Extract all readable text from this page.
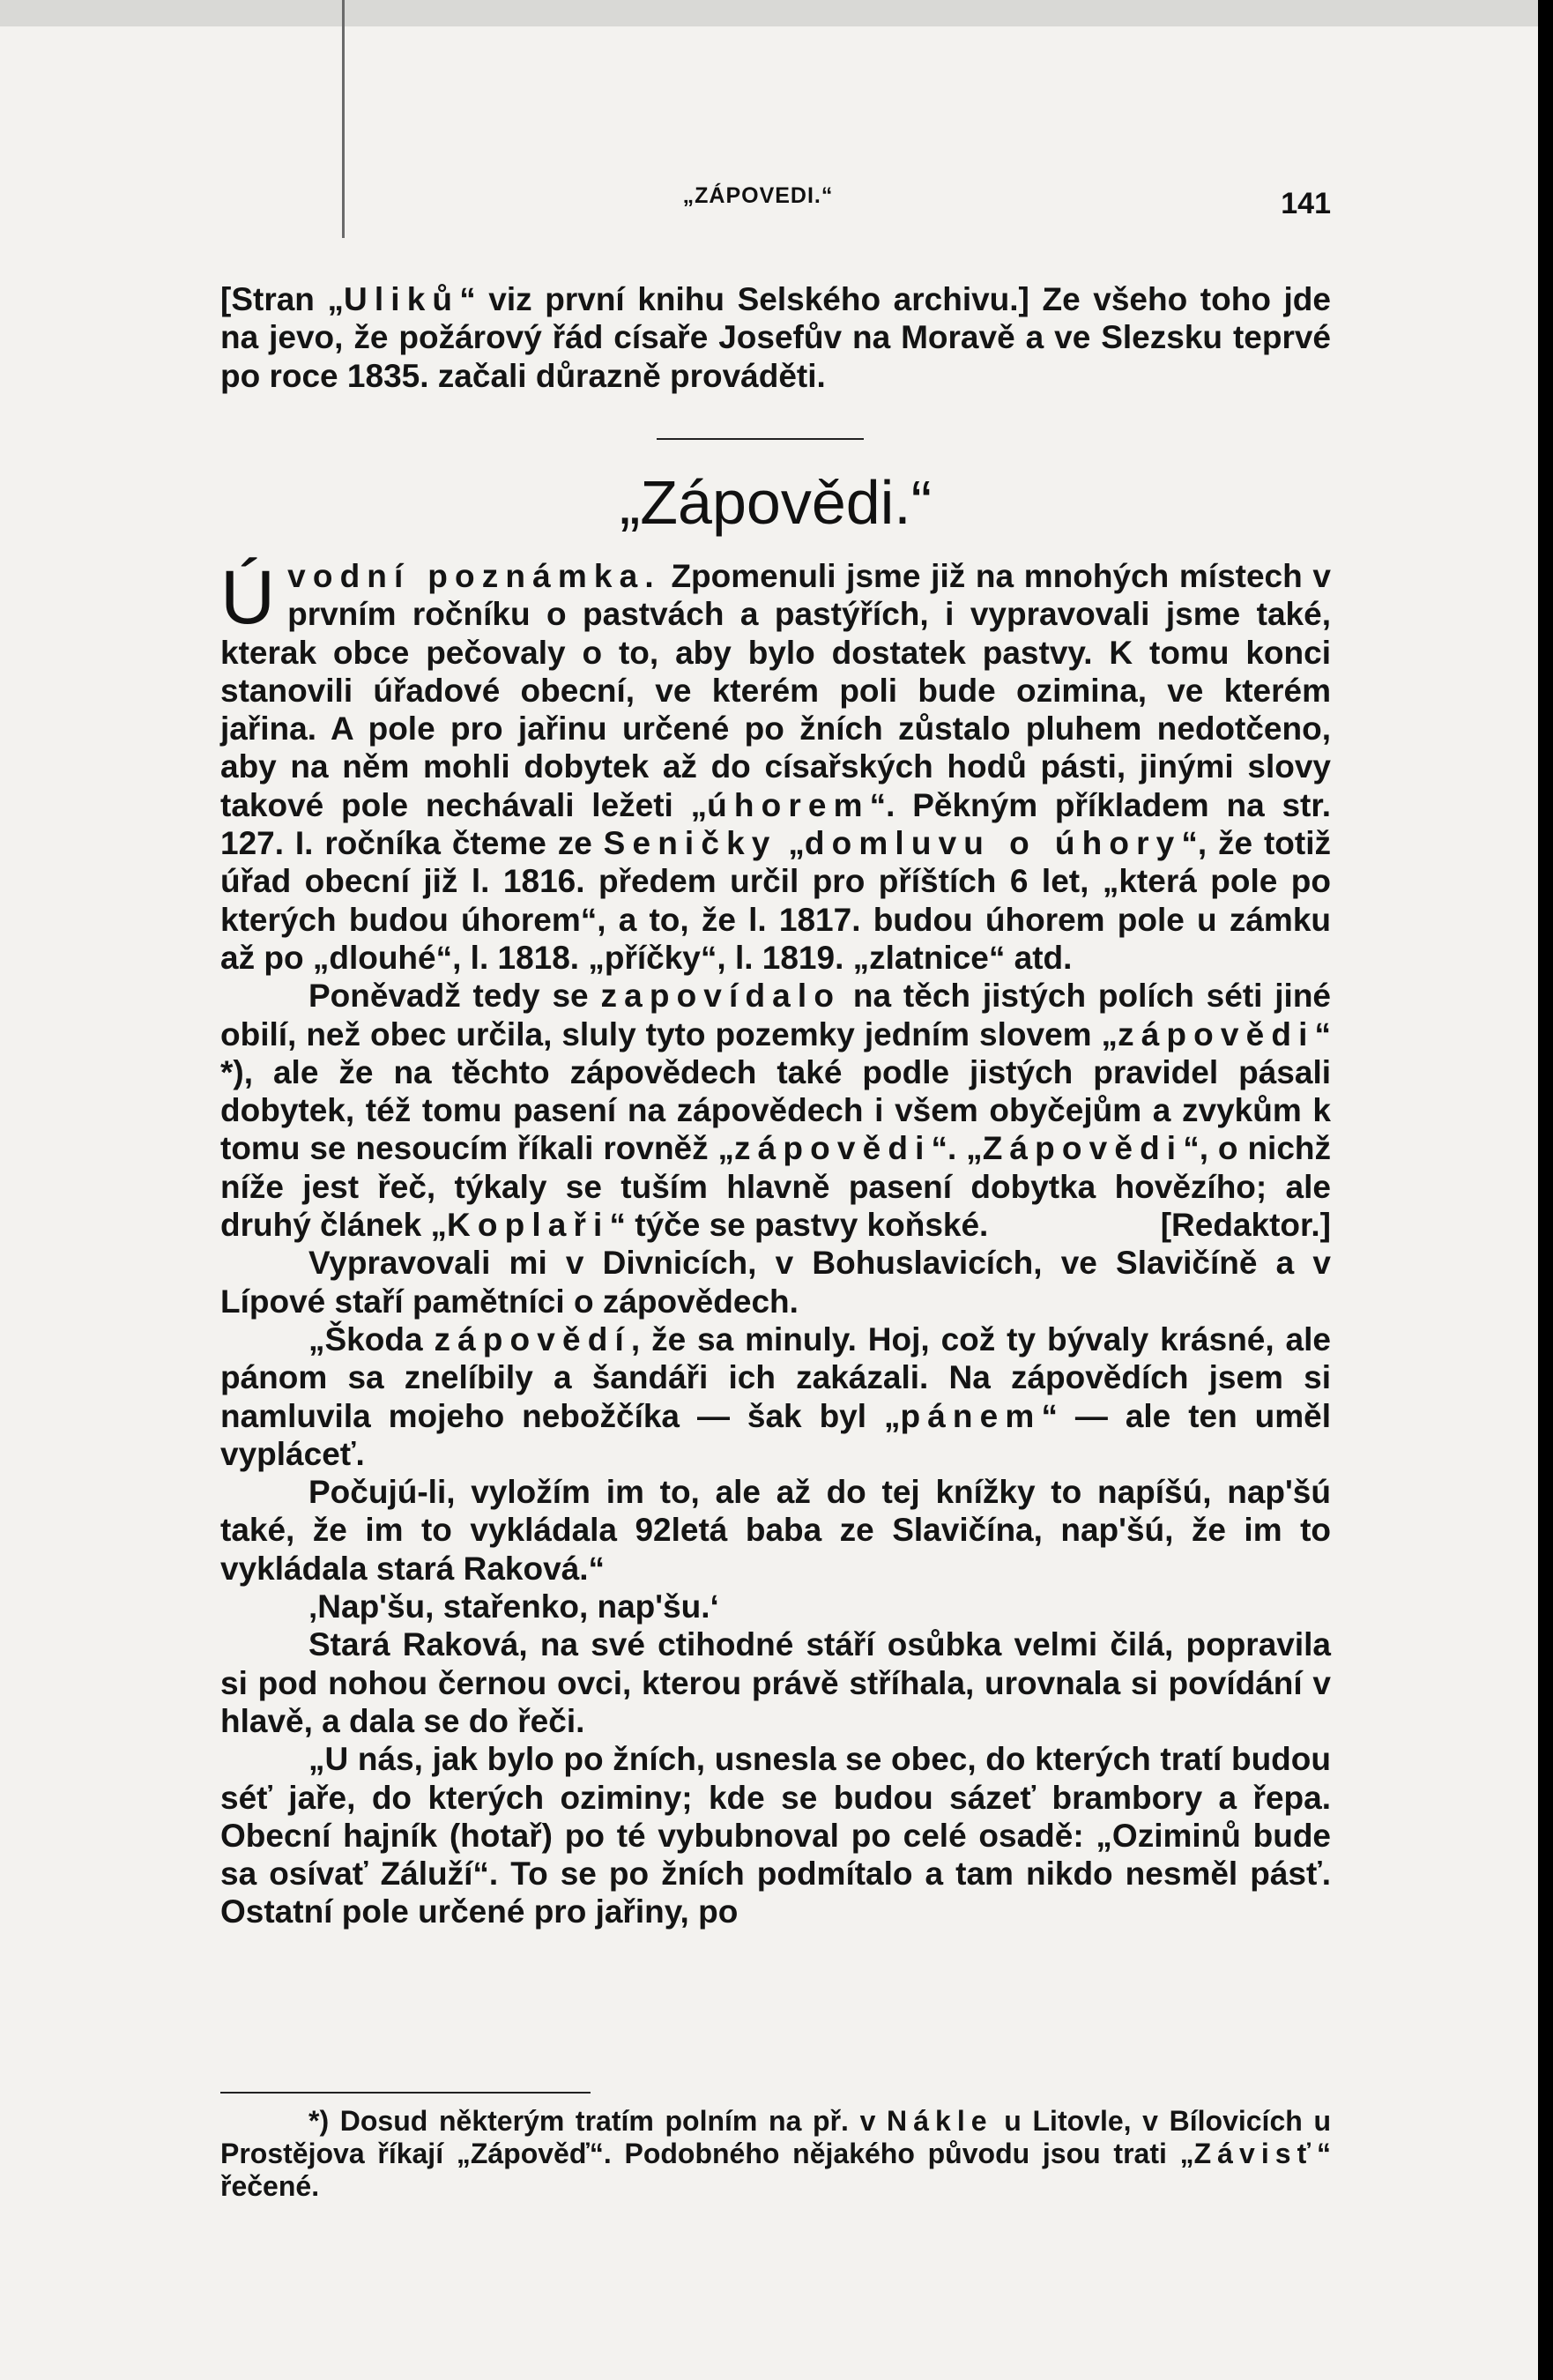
„ZÁPOVEDI.“	141

[Stran „Uliků“ viz první knihu Selského archivu.] Ze všeho toho jde na jevo, že požárový řád císaře Josefův na Moravě a ve Slezsku teprvé po roce 1835. začali důrazně prováděti.

„Zápovědi.“

Úvodní poznámka. Zpomenuli jsme již na mnohých místech v prvním ročníku o pastvách a pastýřích, i vypravovali jsme také, kterak obce pečovaly o to, aby bylo dostatek pastvy. K tomu konci stanovili úřadové obecní, ve kterém poli bude ozimina, ve kterém jařina. A pole pro jařinu určené po žních zůstalo pluhem nedotčeno, aby na něm mohli dobytek až do císařských hodů pásti, jinými slovy takové pole nechávali ležeti „úhorem“. Pěkným příkladem na str. 127. I. ročníka čteme ze Seničky „domluvu o úhory“, že totiž úřad obecní již l. 1816. předem určil pro příštích 6 let, „která pole po kterých budou úhorem“, a to, že l. 1817. budou úhorem pole u zámku až po „dlouhé“, l. 1818. „příčky“, l. 1819. „zlatnice“ atd.

Poněvadž tedy se zapovídalo na těch jistých polích séti jiné obilí, než obec určila, sluly tyto pozemky jedním slovem „zápovědi“ *), ale že na těchto zápovědech také podle jistých pravidel pásali dobytek, též tomu pasení na zápovědech i všem obyčejům a zvykům k tomu se nesoucím říkali rovněž „zápovědi“. „Zápovědi“, o nichž níže jest řeč, týkaly se tuším hlavně pasení dobytka hovězího; ale druhý článek „Koplaři“ týče se pastvy koňské.	[Redaktor.]

Vypravovali mi v Divnicích, v Bohuslavicích, ve Slavičíně a v Lípové staří pamětníci o zápovědech.

„Škoda zápovědí, že sa minuly. Hoj, což ty bývaly krásné, ale pánom sa znelíbily a šandáři ich zakázali. Na zápovědích jsem si namluvila mojeho nebožčíka — šak byl „pánem“ — ale ten uměl vypláceť.

Počujú-li, vyložím im to, ale až do tej knížky to napíšú, nap'šú také, že im to vykládala 92letá baba ze Slavičína, nap'šú, že im to vykládala stará Raková.“

‚Nap'šu, stařenko, nap'šu.‘

Stará Raková, na své ctihodné stáří osůbka velmi čilá, popravila si pod nohou černou ovci, kterou právě stříhala, urovnala si povídání v hlavě, a dala se do řeči.

„U nás, jak bylo po žních, usnesla se obec, do kterých tratí budou séť jaře, do kterých oziminy; kde se budou sázeť brambory a řepa. Obecní hajník (hotař) po té vybubnoval po celé osadě: „Oziminů bude sa osívať Záluží“. To se po žních podmítalo a tam nikdo nesměl pásť. Ostatní pole určené pro jařiny, po

*) Dosud některým tratím polním na př. v Nákle u Litovle, v Bílovicích u Prostějova říkají „Zápověď“. Podobného nějakého původu jsou trati „Závisť“ řečené.
